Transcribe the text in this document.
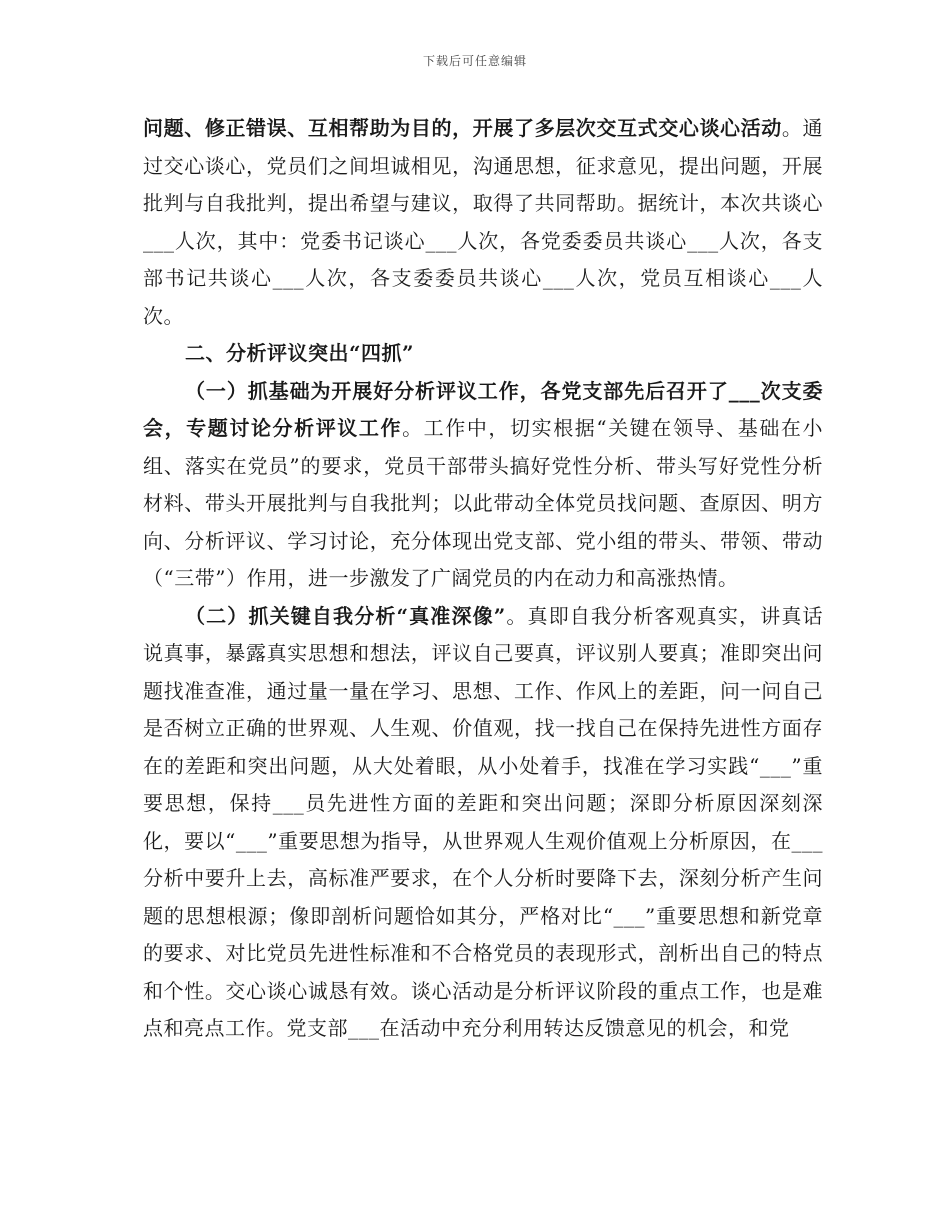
下载后可任意编辑

问题、修正错误、互相帮助为目的，开展了多层次交互式交心谈心活动。通过交心谈心，党员们之间坦诚相见，沟通思想，征求意见，提出问题，开展批判与自我批判，提出希望与建议，取得了共同帮助。据统计，本次共谈心___人次，其中：党委书记谈心___人次，各党委委员共谈心___人次，各支部书记共谈心___人次，各支委委员共谈心___人次，党员互相谈心___人次。

二、分析评议突出“四抓”

（一）抓基础为开展好分析评议工作，各党支部先后召开了___次支委会，专题讨论分析评议工作。工作中，切实根据“关键在领导、基础在小组、落实在党员”的要求，党员干部带头搞好党性分析、带头写好党性分析材料、带头开展批判与自我批判；以此带动全体党员找问题、查原因、明方向、分析评议、学习讨论，充分体现出党支部、党小组的带头、带领、带动（“三带”）作用，进一步激发了广阔党员的内在动力和高涨热情。

（二）抓关键自我分析“真准深像”。真即自我分析客观真实，讲真话说真事，暴露真实思想和想法，评议自己要真，评议别人要真；准即突出问题找准查准，通过量一量在学习、思想、工作、作风上的差距，问一问自己是否树立正确的世界观、人生观、价值观，找一找自己在保持先进性方面存在的差距和突出问题，从大处着眼，从小处着手，找准在学习实践“___”重要思想，保持___员先进性方面的差距和突出问题；深即分析原因深刻深化，要以“___”重要思想为指导，从世界观人生观价值观上分析原因，在___分析中要升上去，高标准严要求，在个人分析时要降下去，深刻分析产生问题的思想根源；像即剖析问题恰如其分，严格对比“___”重要思想和新党章的要求、对比党员先进性标准和不合格党员的表现形式，剖析出自己的特点和个性。交心谈心诚恳有效。谈心活动是分析评议阶段的重点工作，也是难点和亮点工作。党支部___在活动中充分利用转达反馈意见的机会，和党
